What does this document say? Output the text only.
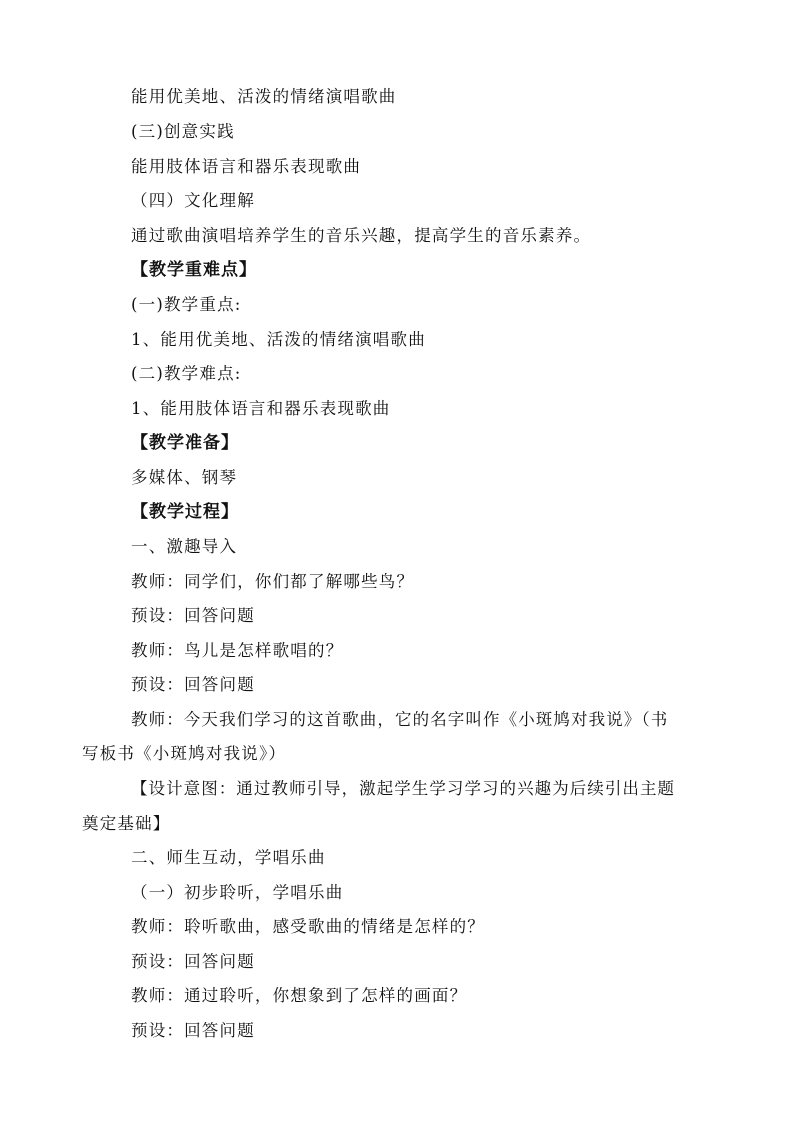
能用优美地、活泼的情绪演唱歌曲
(三)创意实践
能用肢体语言和器乐表现歌曲
（四）文化理解
通过歌曲演唱培养学生的音乐兴趣，提高学生的音乐素养。
【教学重难点】
(一)教学重点:
1、能用优美地、活泼的情绪演唱歌曲
(二)教学难点:
1、能用肢体语言和器乐表现歌曲
【教学准备】
多媒体、钢琴
【教学过程】
一、激趣导入
教师：同学们，你们都了解哪些鸟？
预设：回答问题
教师：鸟儿是怎样歌唱的？
预设：回答问题
教师：今天我们学习的这首歌曲，它的名字叫作《小斑鸠对我说》（书
写板书《小斑鸠对我说》）
【设计意图：通过教师引导，激起学生学习学习的兴趣为后续引出主题
奠定基础】
二、师生互动，学唱乐曲
（一）初步聆听，学唱乐曲
教师：聆听歌曲，感受歌曲的情绪是怎样的？
预设：回答问题
教师：通过聆听，你想象到了怎样的画面？
预设：回答问题
